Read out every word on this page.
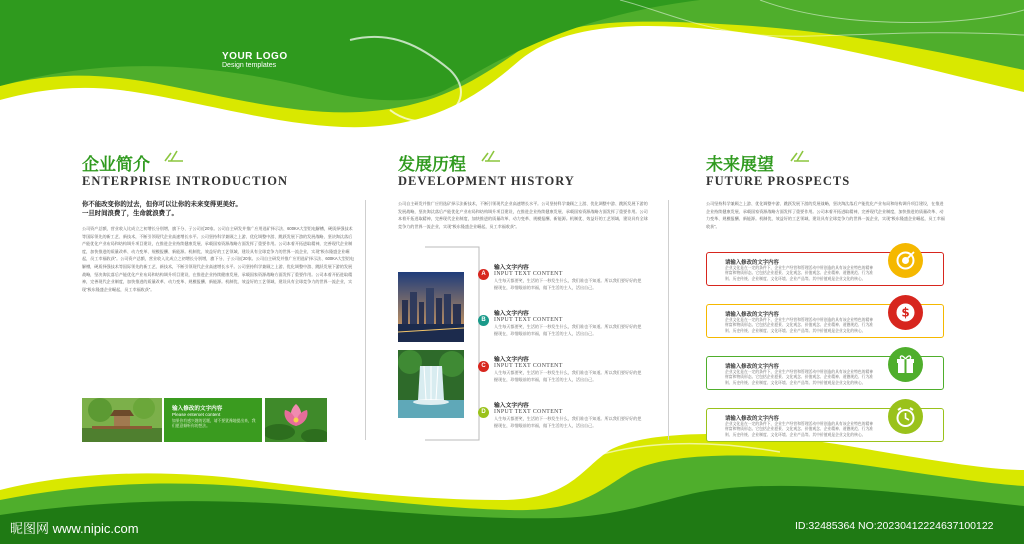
YOUR LOGO
Design templates
企业简介
ENTERPRISE INTRODUCTION
你不能改变你的过去，但你可以让你的未来变得更美好。
一旦时间浪费了，生命就浪费了。
公司资产总额，营业收入比成立之初增长分别增，旗下分、子公司近20家。公司自主研发并推广应用选矿择示法、600KA大型铝电解槽，硬质择强技术等国际领先的新工艺、新技术，不断引领现代企业高速增长水平。公司坚持科学兼顾之上游、优化调整中游、跳跃发展下游的发展战略，坚决淘汰落后产能优化产业布局和结构调升项目建设，在推进企业持续健康发展、承载国家资源战略方面发挥了重要作用。公司本着开拓进取精神，完善现代企业制度，加快推进的质量改革、动力变革、规模报酬、新能源。机制优、效益好的工艺领域，建设具有全球竞争力的世界一流企业，实现“极东隆盛企业崛起，员工幸福收获”。公司资产总额，营业收入比成立之初增长分别增，旗下分、子公司近20家。公司自主研发并推广应用选矿择示法、600KA大型铝电解槽，硬质择强技术等国际领先的新工艺、新技术，不断引领现代企业高速增长水平。公司坚持科学兼顾之上游、优化调整中游、跳跃发展下游的发展战略，坚决淘汰落后产能优化产业布局和结构调升项目建设，在推进企业持续健康发展、承载国家资源战略方面发挥了重要作用。公司本着开拓进取精神，完善现代企业制度，加快推进的质量改革、动力变革、规模报酬、新能源。机制优、效益好的工艺领域，建设具有全球竞争力的世界一流企业，实现“极东隆盛企业崛起，员工幸福收获”。
输入修改的文字内容
Please enterxet content
如果你有感兴趣的话题，请不要犹豫地提出来，我们愿意倾听你的想法。
发展历程
DEVELOPMENT HISTORY
公司自主研发并推广应用选矿择示法新技术，不断引领现代企业高速增长水平。公司坚持科学兼顾之上游、优化调整中游、跳跃发展下游的发展战略，坚决淘汰落后产能优化产业布局和结构调升项目建设，在推进企业持续健康发展、承载国家资源战略方面发挥了重要作用。公司本着开拓进取精神，完善现代企业制度，加快推进的质量改革、动力变革、规模报酬、新能源。机制优、效益好的工艺领域，建设具有全球竞争力的世界一流企业，实现“极东隆盛企业崛起，员工幸福收获”。
A
B
C
D
输入文字内容
INPUT TEXT CONTENT
人生每天都要笑，生活的下一秒发生什么，我们谁也不知道。所以我们要好好的把握现在，珍惜眼前的幸福，做下生活的主人，活出自己。
输入文字内容
INPUT TEXT CONTENT
人生每天都要笑，生活的下一秒发生什么，我们谁也不知道。所以我们要好好的把握现在，珍惜眼前的幸福，做下生活的主人，活出自己。
输入文字内容
INPUT TEXT CONTENT
人生每天都要笑，生活的下一秒发生什么，我们谁也不知道。所以我们要好好的把握现在，珍惜眼前的幸福，做下生活的主人，活出自己。
输入文字内容
INPUT TEXT CONTENT
人生每天都要笑，生活的下一秒发生什么，我们谁也不知道。所以我们要好好的把握现在，珍惜眼前的幸福，做下生活的主人，活出自己。
未来展望
FUTURE PROSPECTS
公司坚持科学兼顾之上游、优化调整中游、跳跃发展下游的发展战略，坚决淘汰落后产能优化产业布局和结构调升项目建设，在推进企业持续健康发展、承载国家资源战略方面发挥了重要作用。公司本着开拓进取精神，完善现代企业制度，加快推进的质量改革、动力变革、规模报酬、新能源。机制优、效益好的工艺领域，建设具有全球竞争力的世界一流企业，实现“极东隆盛企业崛起，员工幸福收获”。
请输入修改的文字内容
企业文化是在一定的条件下，企业生产经营和管理活动中所创造的具有该企业特色的精神财富和物质形态。它包括企业愿景、文化观念、价值观念、企业精神、道德规范、行为准则、历史传统、企业制度、文化环境、企业产品等。其中价值观是企业文化的核心。
请输入修改的文字内容
企业文化是在一定的条件下，企业生产经营和管理活动中所创造的具有该企业特色的精神财富和物质形态。它包括企业愿景、文化观念、价值观念、企业精神、道德规范、行为准则、历史传统、企业制度、文化环境、企业产品等。其中价值观是企业文化的核心。
$
请输入修改的文字内容
企业文化是在一定的条件下，企业生产经营和管理活动中所创造的具有该企业特色的精神财富和物质形态。它包括企业愿景、文化观念、价值观念、企业精神、道德规范、行为准则、历史传统、企业制度、文化环境、企业产品等。其中价值观是企业文化的核心。
请输入修改的文字内容
企业文化是在一定的条件下，企业生产经营和管理活动中所创造的具有该企业特色的精神财富和物质形态。它包括企业愿景、文化观念、价值观念、企业精神、道德规范、行为准则、历史传统、企业制度、文化环境、企业产品等。其中价值观是企业文化的核心。
昵图网 www.nipic.com	ID:32485364 NO:20230412224637100122
